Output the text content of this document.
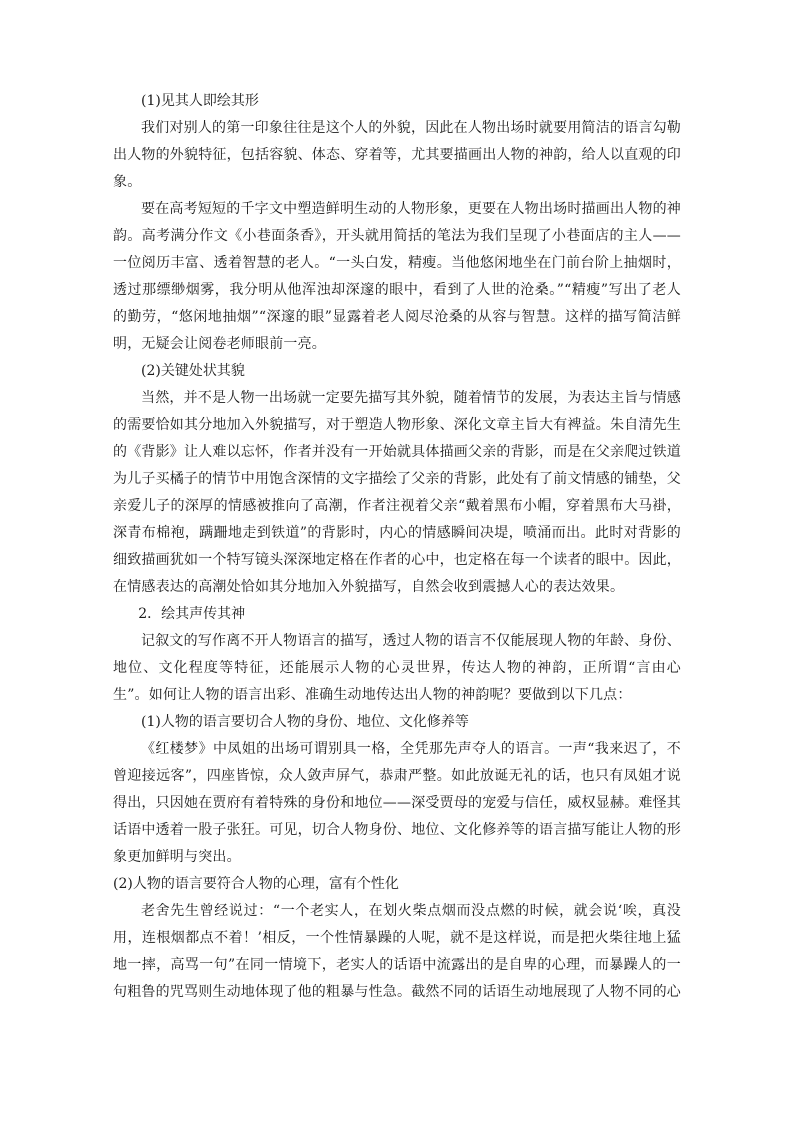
(1)见其人即绘其形

我们对别人的第一印象往往是这个人的外貌，因此在人物出场时就要用简洁的语言勾勒出人物的外貌特征，包括容貌、体态、穿着等，尤其要描画出人物的神韵，给人以直观的印象。

要在高考短短的千字文中塑造鲜明生动的人物形象，更要在人物出场时描画出人物的神韵。高考满分作文《小巷面条香》，开头就用简括的笔法为我们呈现了小巷面店的主人——一位阅历丰富、透着智慧的老人。“一头白发，精瘦。当他悠闲地坐在门前台阶上抽烟时，透过那缥缈烟雾，我分明从他浑浊却深邃的眼中，看到了人世的沧桑。”“精瘦”写出了老人的勤劳，“悠闲地抽烟”“深邃的眼”显露着老人阅尽沧桑的从容与智慧。这样的描写简洁鲜明，无疑会让阅卷老师眼前一亮。

(2)关键处状其貌

当然，并不是人物一出场就一定要先描写其外貌，随着情节的发展，为表达主旨与情感的需要恰如其分地加入外貌描写，对于塑造人物形象、深化文章主旨大有裨益。朱自清先生的《背影》让人难以忘怀，作者并没有一开始就具体描画父亲的背影，而是在父亲爬过铁道为儿子买橘子的情节中用饱含深情的文字描绘了父亲的背影，此处有了前文情感的铺垫，父亲爱儿子的深厚的情感被推向了高潮，作者注视着父亲“戴着黑布小帽，穿着黑布大马褂，深青布棉袍，蹒跚地走到铁道”的背影时，内心的情感瞬间决堤，喷涌而出。此时对背影的细致描画犹如一个特写镜头深深地定格在作者的心中，也定格在每一个读者的眼中。因此，在情感表达的高潮处恰如其分地加入外貌描写，自然会收到震撼人心的表达效果。

2．绘其声传其神

记叙文的写作离不开人物语言的描写，透过人物的语言不仅能展现人物的年龄、身份、地位、文化程度等特征，还能展示人物的心灵世界，传达人物的神韵，正所谓“言由心生”。如何让人物的语言出彩、准确生动地传达出人物的神韵呢？要做到以下几点：

(1)人物的语言要切合人物的身份、地位、文化修养等

《红楼梦》中凤姐的出场可谓别具一格，全凭那先声夺人的语言。一声“我来迟了，不曾迎接远客”，四座皆惊，众人敛声屏气，恭肃严整。如此放诞无礼的话，也只有凤姐才说得出，只因她在贾府有着特殊的身份和地位——深受贾母的宠爱与信任，威权显赫。难怪其话语中透着一股子张狂。可见，切合人物身份、地位、文化修养等的语言描写能让人物的形象更加鲜明与突出。

(2)人物的语言要符合人物的心理，富有个性化

老舍先生曾经说过：“一个老实人，在划火柴点烟而没点燃的时候，就会说‘唉，真没用，连根烟都点不着！’相反，一个性情暴躁的人呢，就不是这样说，而是把火柴往地上猛地一摔，高骂一句”在同一情境下，老实人的话语中流露出的是自卑的心理，而暴躁人的一句粗鲁的咒骂则生动地体现了他的粗暴与性急。截然不同的话语生动地展现了人物不同的心
